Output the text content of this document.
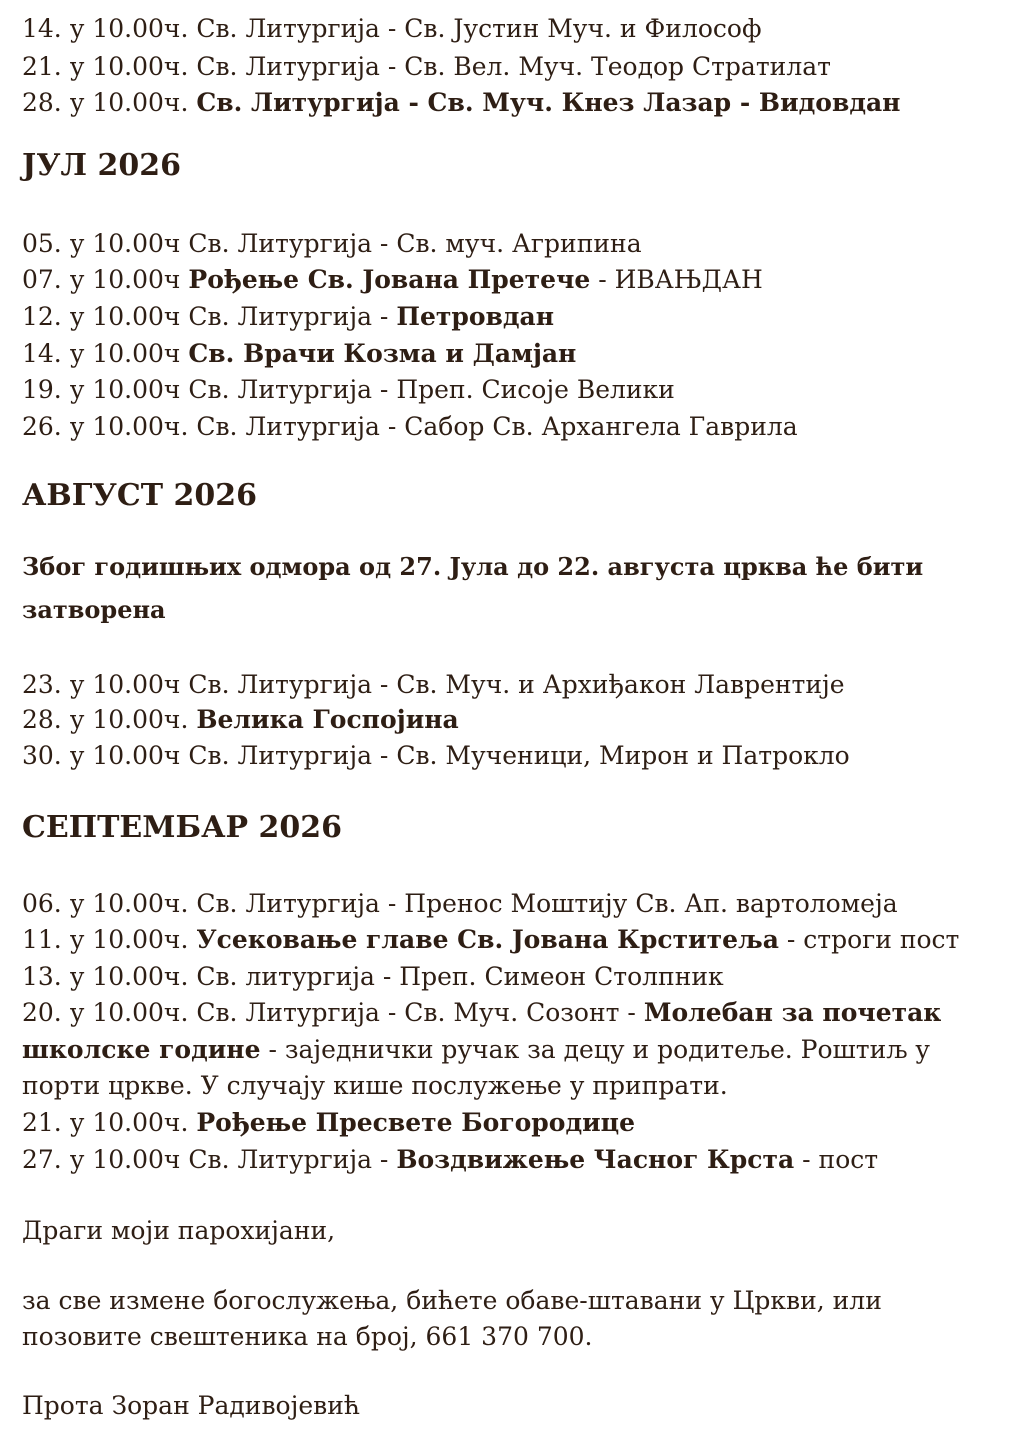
14. у 10.00ч. Св. Литургија - Св. Јустин Муч. и Философ
21. у 10.00ч. Св. Литургија - Св. Вел. Муч. Теодор Стратилат
28. у 10.00ч. Св. Литургија - Св. Муч. Кнез Лазар - Видовдан
ЈУЛ 2026
05. у 10.00ч Св. Литургија - Св. муч. Агрипина
07. у 10.00ч Рођење Св. Јована Претече - ИВАЊДАН
12. у 10.00ч Св. Литургија - Петровдан
14. у 10.00ч Св. Врачи Козма и Дамјан
19. у 10.00ч Св. Литургија - Преп. Сисоје Велики
26. у 10.00ч. Св. Литургија - Сабор Св. Архангела Гаврила
АВГУСТ 2026
Због годишњих одмора од 27. Јула до 22. августа црква ће бити
затворена
23. у 10.00ч Св. Литургија - Св. Муч. и Архиђакон Лаврентије
28. у 10.00ч. Велика Госпојина
30. у 10.00ч Св. Литургија - Св. Мученици, Мирон и Патрокло
СЕПТЕМБАР 2026
06. у 10.00ч. Св. Литургија - Пренос Моштију Св. Ап. вартоломеја
11. у 10.00ч. Усековање главе Св. Јована Крститеља - строги пост
13. у 10.00ч. Св. литургија - Преп. Симеон Столпник
20. у 10.00ч. Св. Литургија - Св. Муч. Созонт - Молебан за почетак
школске године - заједнички ручак за децу и родитеље. Роштиљ у
порти цркве. У случају кише послужење у припрати.
21. у 10.00ч. Рођење Пресвете Богородице
27. у 10.00ч Св. Литургија - Воздвижење Часног Крста - пост
Драги моји парохијани,
за све измене богослужења, бићете обаве-штавани у Цркви, или
позовите свештеника на број, 661 370 700.
Прота Зоран Радивојевић
